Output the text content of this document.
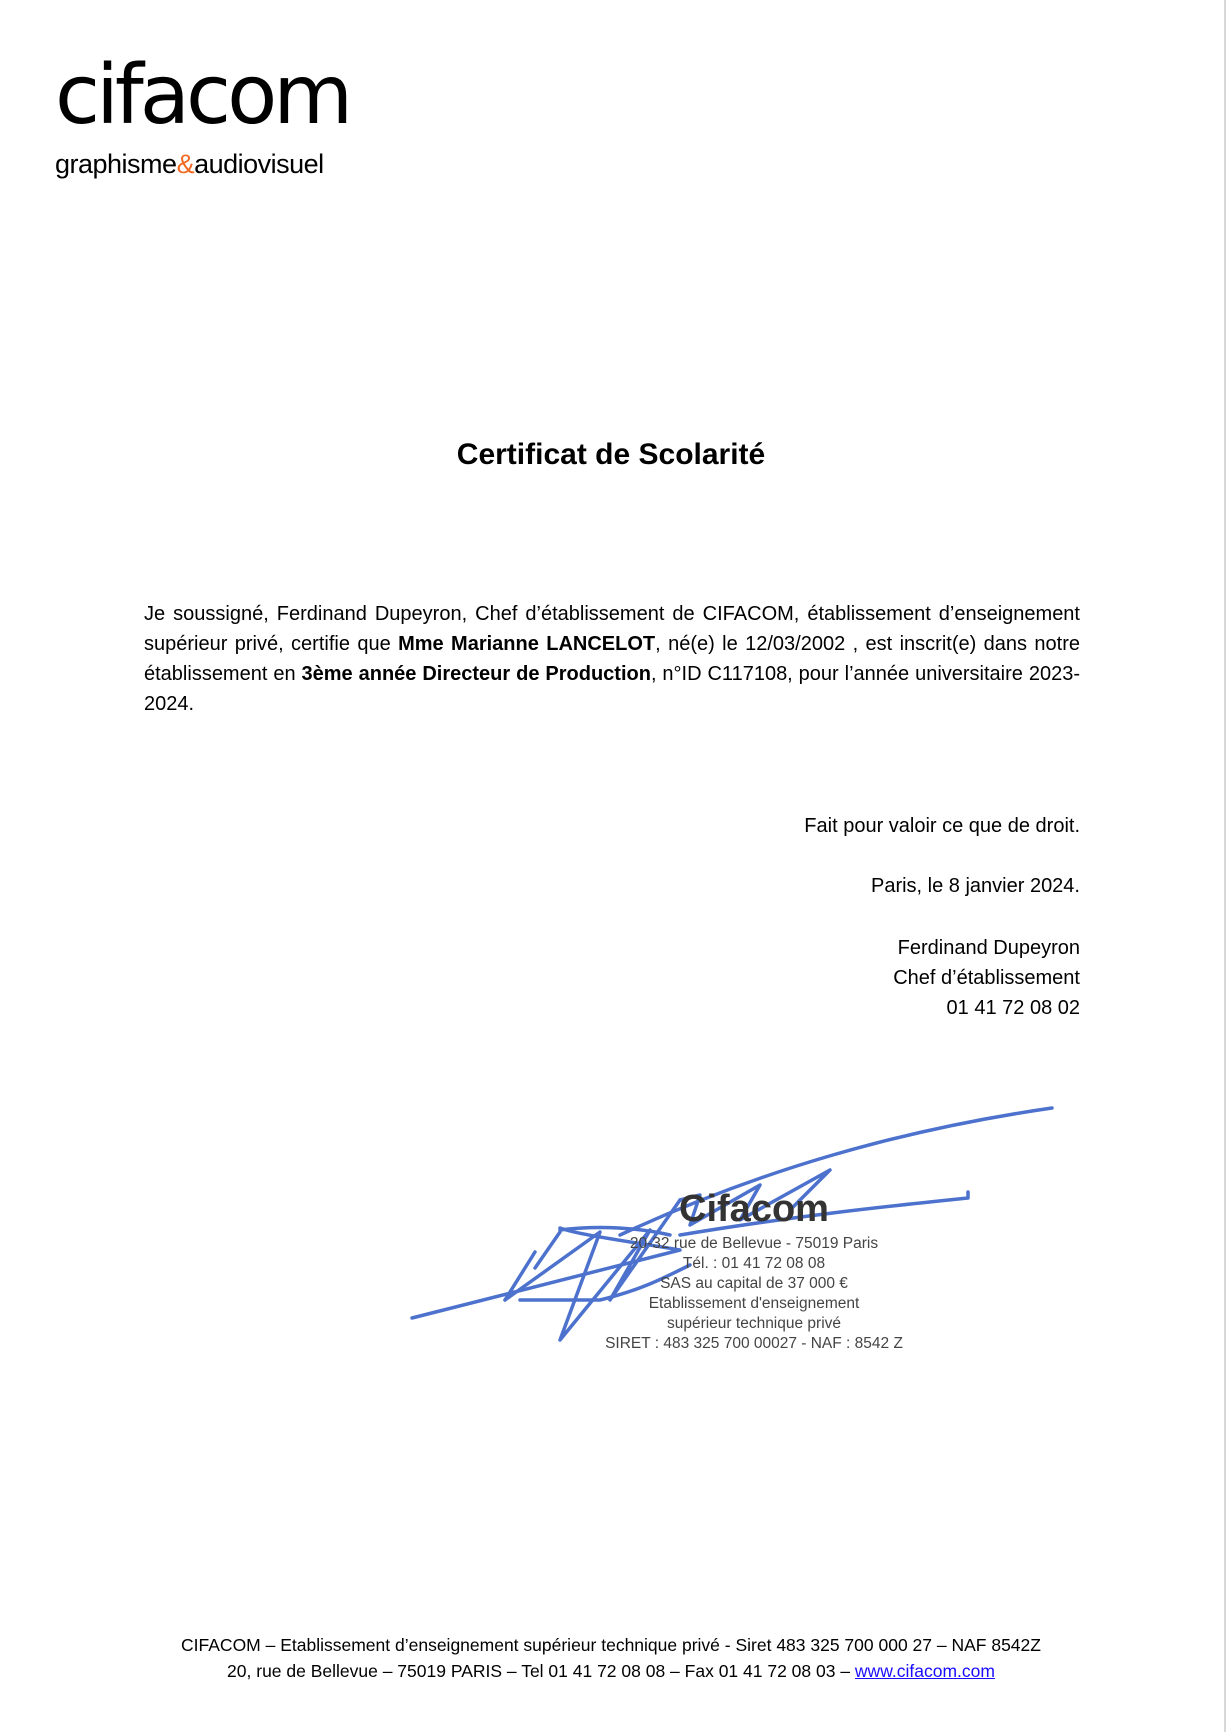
cifacom
graphisme&audiovisuel
Certificat de Scolarité
Je soussigné, Ferdinand Dupeyron, Chef d’établissement de CIFACOM, établissement d’enseignement supérieur privé, certifie que Mme Marianne LANCELOT, né(e) le 12/03/2002 , est inscrit(e) dans notre établissement en 3ème année Directeur de Production, n°ID C117108, pour l’année universitaire 2023-2024.
Fait pour valoir ce que de droit.
Paris, le 8 janvier 2024.
Ferdinand Dupeyron
Chef d’établissement
01 41 72 08 02
Cifacom
20-32 rue de Bellevue - 75019 Paris
Tél. : 01 41 72 08 08
SAS au capital de 37 000 €
Etablissement d'enseignement
supérieur technique privé
SIRET : 483 325 700 00027 - NAF : 8542 Z
CIFACOM – Etablissement d’enseignement supérieur technique privé - Siret 483 325 700 000 27 – NAF 8542Z
20, rue de Bellevue – 75019 PARIS – Tel 01 41 72 08 08 – Fax 01 41 72 08 03 – www.cifacom.com
